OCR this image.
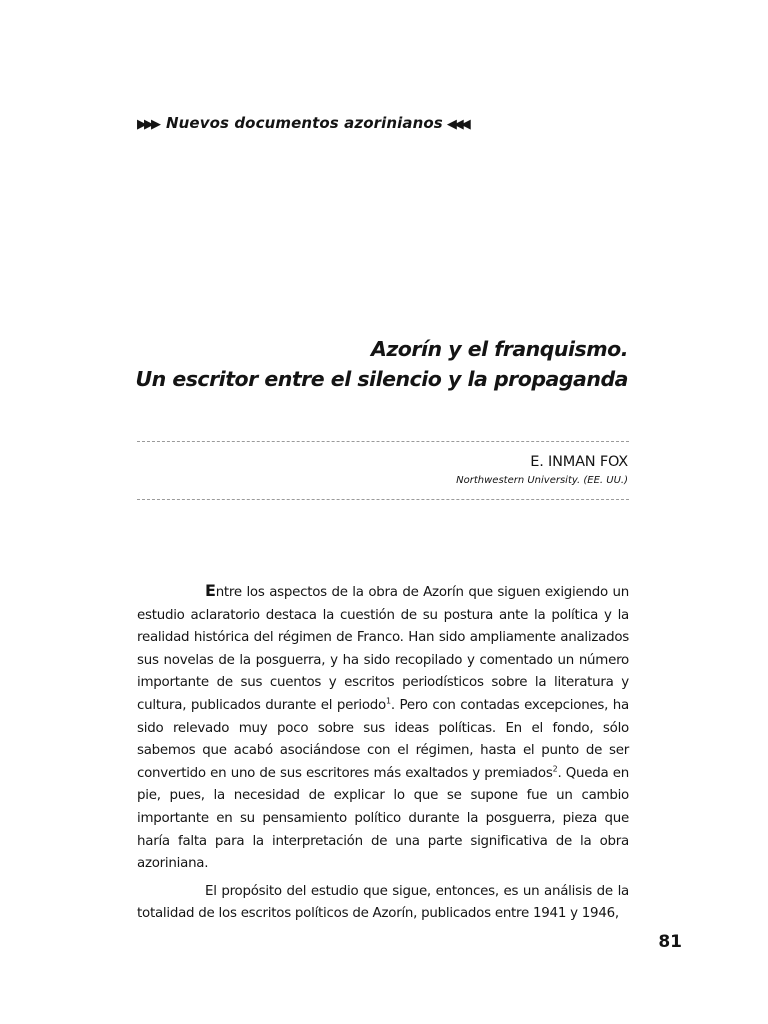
▶▶▶ Nuevos documentos azorinianos ◀◀◀
Azorín y el franquismo.
Un escritor entre el silencio y la propaganda
E. INMAN FOX
Northwestern University. (EE. UU.)

Entre los aspectos de la obra de Azorín que siguen exigiendo un estudio aclaratorio destaca la cuestión de su postura ante la política y la realidad histórica del régimen de Franco. Han sido ampliamente analizados sus novelas de la posguerra, y ha sido recopilado y comentado un número importante de sus cuentos y escritos periodísticos sobre la literatura y cultura, publicados durante el periodo$^1$. Pero con contadas excepciones, ha sido relevado muy poco sobre sus ideas políticas. En el fondo, sólo sabemos que acabó asociándose con el régimen, hasta el punto de ser convertido en uno de sus escritores más exaltados y premiados$^2$. Queda en pie, pues, la necesidad de explicar lo que se supone fue un cambio importante en su pensamiento político durante la posguerra, pieza que haría falta para la interpretación de una parte significativa de la obra azoriniana.

El propósito del estudio que sigue, entonces, es un análisis de la totalidad de los escritos políticos de Azorín, publicados entre 1941 y 1946,

81
